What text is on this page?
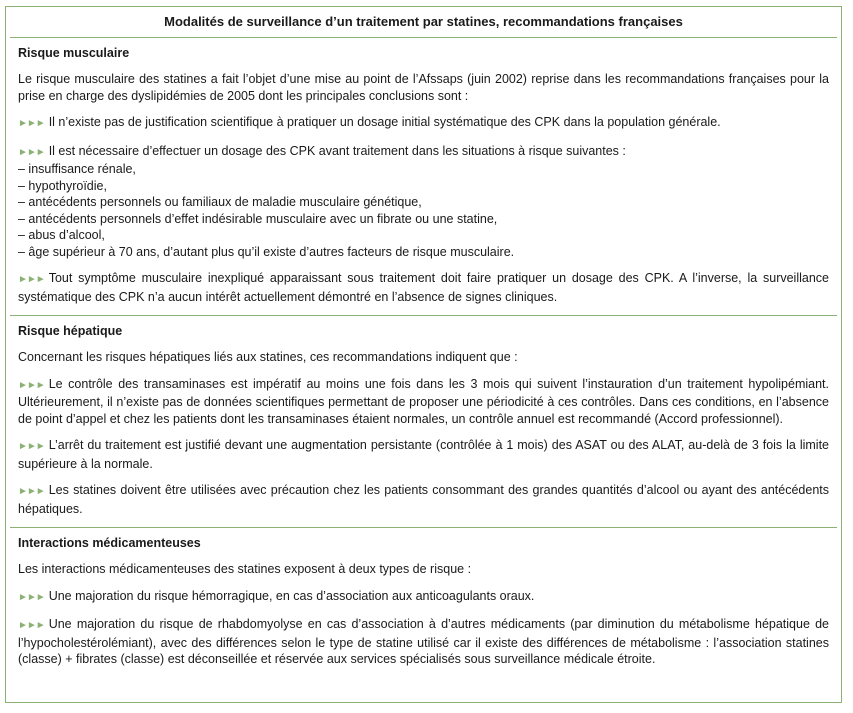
Modalités de surveillance d’un traitement par statines, recommandations françaises
Risque musculaire

Le risque musculaire des statines a fait l’objet d’une mise au point de l’Afssaps (juin 2002) reprise dans les recommandations françaises pour la prise en charge des dyslipidémies de 2005 dont les principales conclusions sont :

►►► Il n’existe pas de justification scientifique à pratiquer un dosage initial systématique des CPK dans la population générale.

►►► Il est nécessaire d’effectuer un dosage des CPK avant traitement dans les situations à risque suivantes :

– insuffisance rénale,
– hypothyroïdie,
– antécédents personnels ou familiaux de maladie musculaire génétique,
– antécédents personnels d’effet indésirable musculaire avec un fibrate ou une statine,
– abus d’alcool,
– âge supérieur à 70 ans, d’autant plus qu’il existe d’autres facteurs de risque musculaire.

►►► Tout symptôme musculaire inexpliqué apparaissant sous traitement doit faire pratiquer un dosage des CPK. A l’inverse, la surveillance systématique des CPK n’a aucun intérêt actuellement démontré en l’absence de signes cliniques.

Risque hépatique

Concernant les risques hépatiques liés aux statines, ces recommandations indiquent que :

►►► Le contrôle des transaminases est impératif au moins une fois dans les 3 mois qui suivent l’instauration d’un traitement hypolipémiant. Ultérieurement, il n’existe pas de données scientifiques permettant de proposer une périodicité à ces contrôles. Dans ces conditions, en l’absence de point d’appel et chez les patients dont les transaminases étaient normales, un contrôle annuel est recommandé (Accord professionnel).

►►► L’arrêt du traitement est justifié devant une augmentation persistante (contrôlée à 1 mois) des ASAT ou des ALAT, au-delà de 3 fois la limite supérieure à la normale.

►►► Les statines doivent être utilisées avec précaution chez les patients consommant des grandes quantités d’alcool ou ayant des antécédents hépatiques.

Interactions médicamenteuses

Les interactions médicamenteuses des statines exposent à deux types de risque :

►►► Une majoration du risque hémorragique, en cas d’association aux anticoagulants oraux.

►►► Une majoration du risque de rhabdomyolyse en cas d’association à d’autres médicaments (par diminution du métabolisme hépatique de l’hypocholestérolémiant), avec des différences selon le type de statine utilisé car il existe des différences de métabolisme : l’association statines (classe) + fibrates (classe) est déconseillée et réservée aux services spécialisés sous surveillance médicale étroite.
